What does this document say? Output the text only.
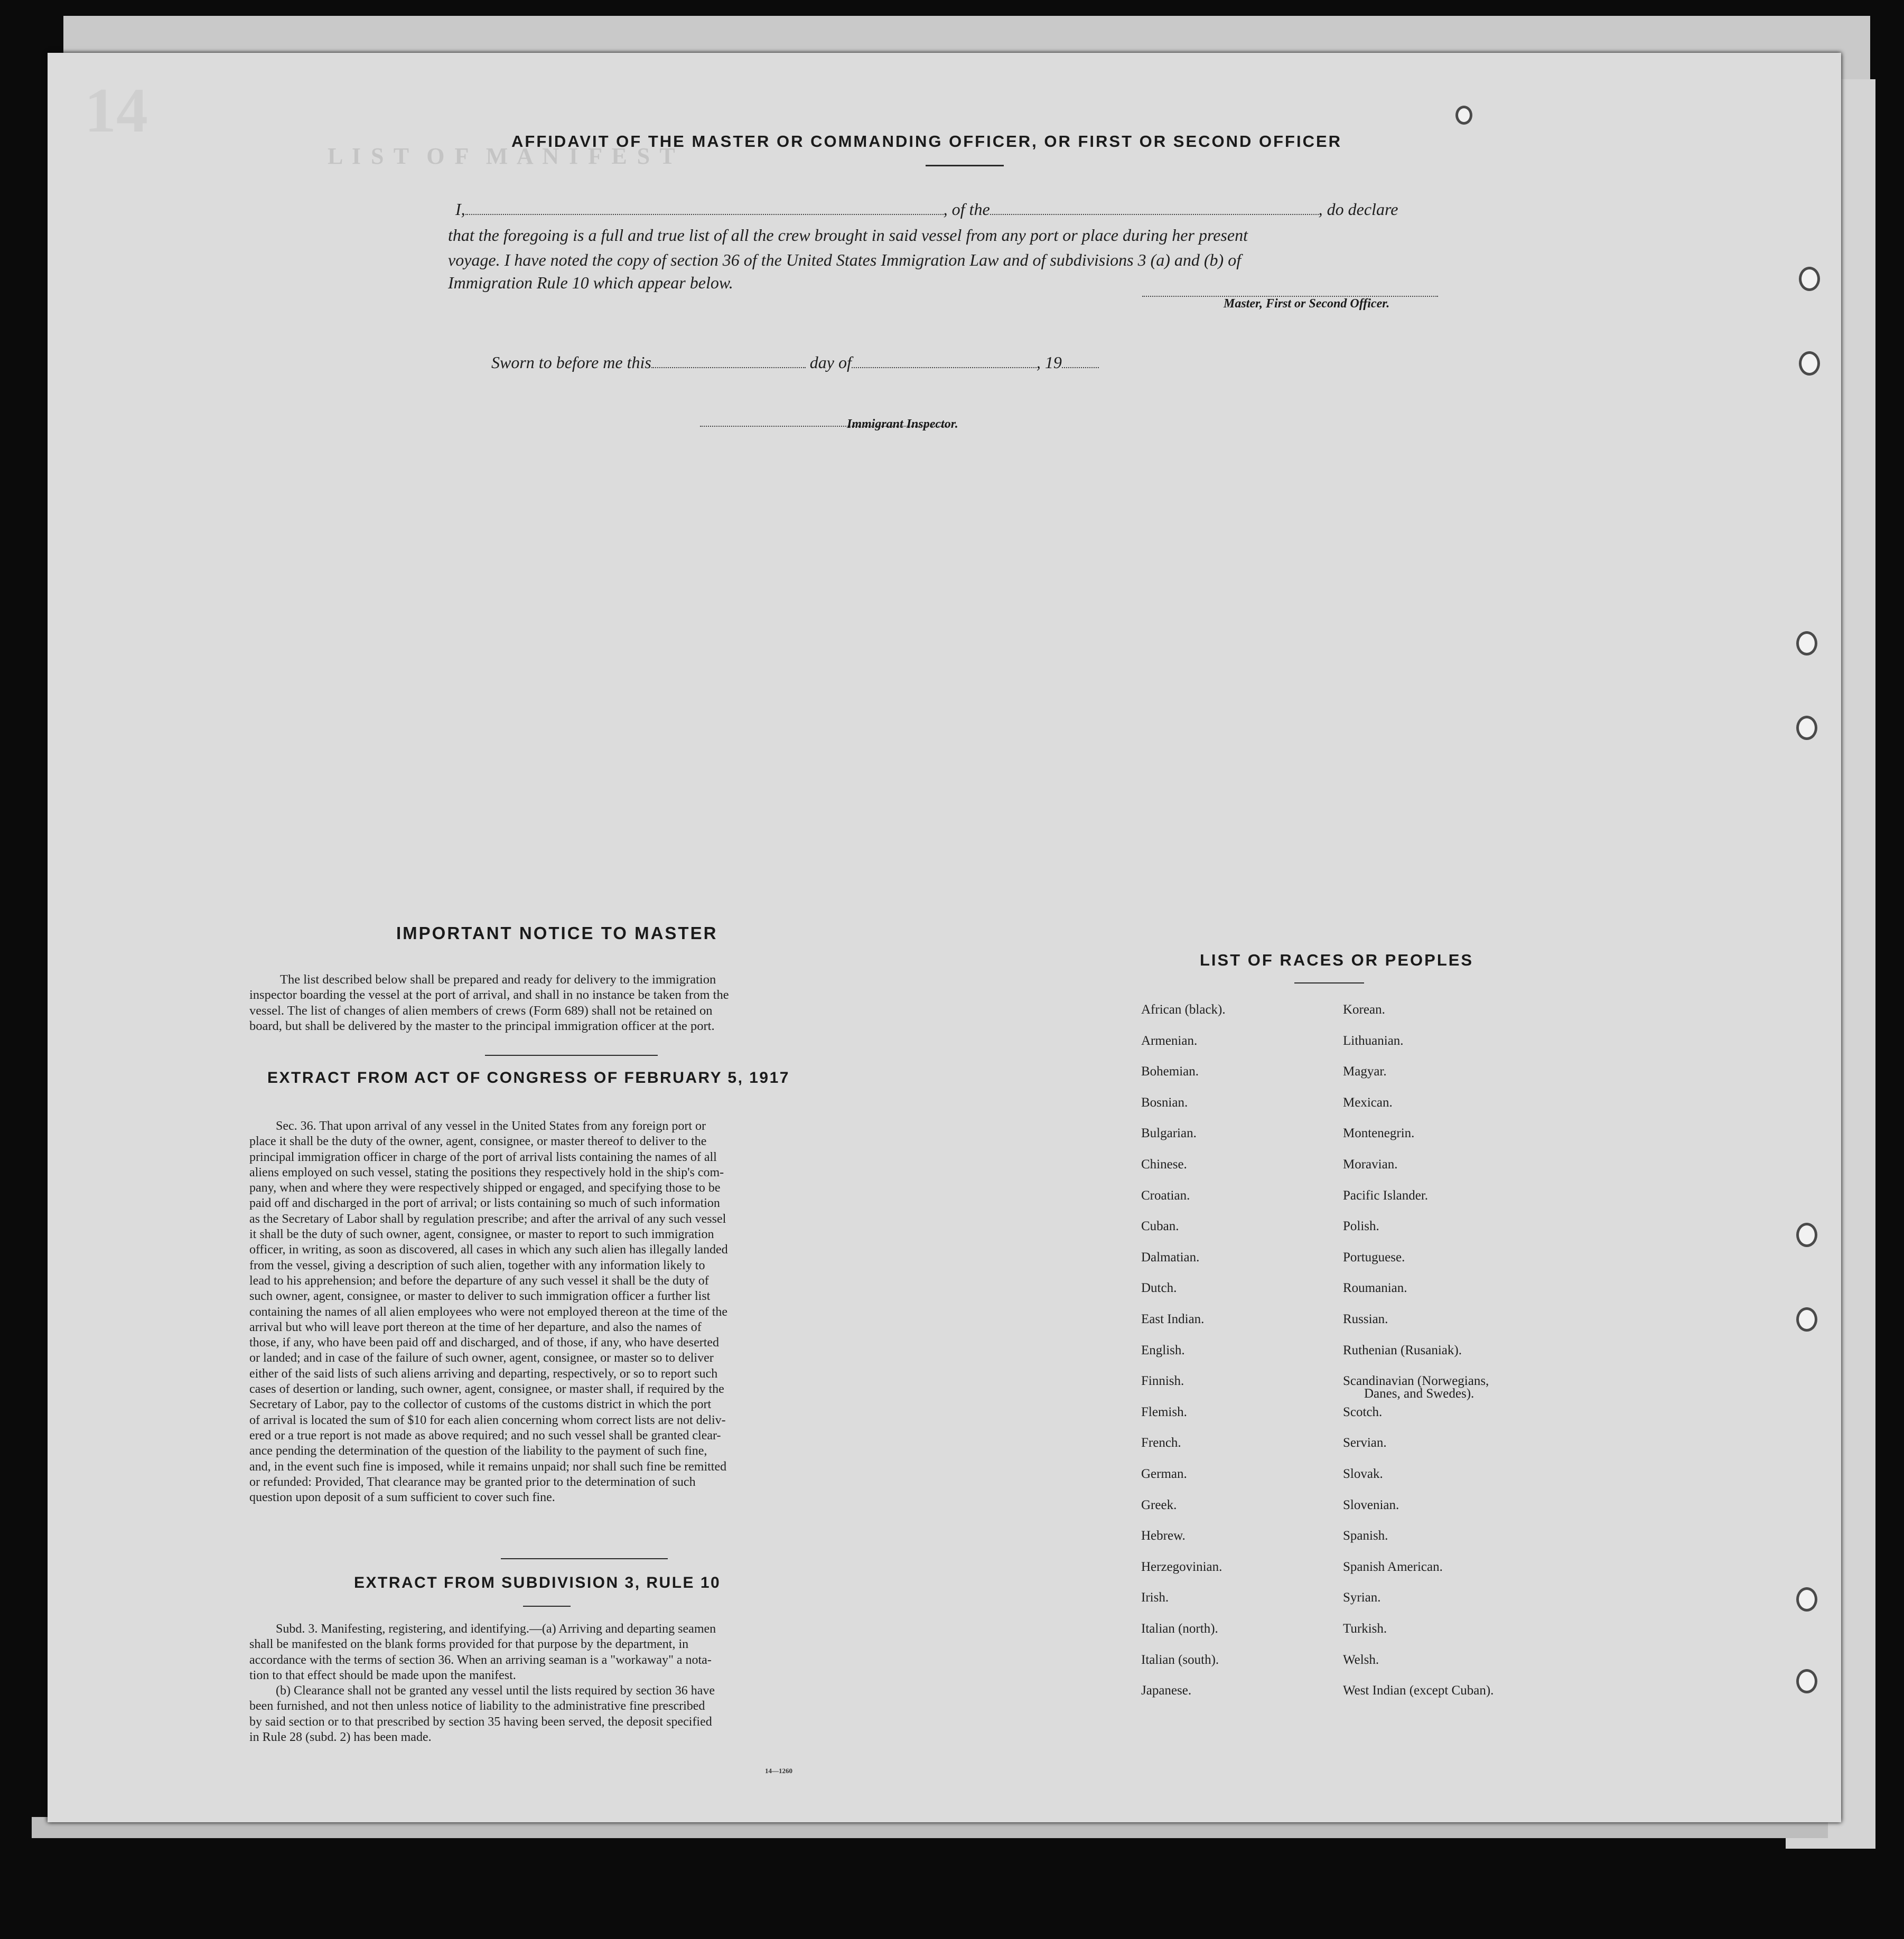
L I S T  O F  M A N I F E S T
14	AFFIDAVIT OF THE MASTER OR COMMANDING OFFICER, OR FIRST OR SECOND OFFICER
I,	, of the	, do declare
that the foregoing is a full and true list of all the crew brought in said vessel from any port or place during her present
voyage. I have noted the copy of section 36 of the United States Immigration Law and of subdivisions 3 (a) and (b) of
Immigration Rule 10 which appear below.
Master, First or Second Officer.
Sworn to before me this	day of	, 19
Immigrant Inspector.
IMPORTANT NOTICE TO MASTER

The list described below shall be prepared and ready for delivery to the immigration

inspector boarding the vessel at the port of arrival, and shall in no instance be taken from the

vessel. The list of changes of alien members of crews (Form 689) shall not be retained on

board, but shall be delivered by the master to the principal immigration officer at the port.

EXTRACT FROM ACT OF CONGRESS OF FEBRUARY 5, 1917

Sec. 36. That upon arrival of any vessel in the United States from any foreign port or

place it shall be the duty of the owner, agent, consignee, or master thereof to deliver to the

principal immigration officer in charge of the port of arrival lists containing the names of all

aliens employed on such vessel, stating the positions they respectively hold in the ship's com-

pany, when and where they were respectively shipped or engaged, and specifying those to be

paid off and discharged in the port of arrival; or lists containing so much of such information

as the Secretary of Labor shall by regulation prescribe; and after the arrival of any such vessel

it shall be the duty of such owner, agent, consignee, or master to report to such immigration

officer, in writing, as soon as discovered, all cases in which any such alien has illegally landed

from the vessel, giving a description of such alien, together with any information likely to

lead to his apprehension; and before the departure of any such vessel it shall be the duty of

such owner, agent, consignee, or master to deliver to such immigration officer a further list

containing the names of all alien employees who were not employed thereon at the time of the

arrival but who will leave port thereon at the time of her departure, and also the names of

those, if any, who have been paid off and discharged, and of those, if any, who have deserted

or landed; and in case of the failure of such owner, agent, consignee, or master so to deliver

either of the said lists of such aliens arriving and departing, respectively, or so to report such

cases of desertion or landing, such owner, agent, consignee, or master shall, if required by the

Secretary of Labor, pay to the collector of customs of the customs district in which the port

of arrival is located the sum of $10 for each alien concerning whom correct lists are not deliv-

ered or a true report is not made as above required; and no such vessel shall be granted clear-

ance pending the determination of the question of the liability to the payment of such fine,

and, in the event such fine is imposed, while it remains unpaid; nor shall such fine be remitted

or refunded: Provided, That clearance may be granted prior to the determination of such

question upon deposit of a sum sufficient to cover such fine.

EXTRACT FROM SUBDIVISION 3, RULE 10

Subd. 3. Manifesting, registering, and identifying.—(a) Arriving and departing seamen

shall be manifested on the blank forms provided for that purpose by the department, in

accordance with the terms of section 36. When an arriving seaman is a "workaway" a nota-

tion to that effect should be made upon the manifest.

(b) Clearance shall not be granted any vessel until the lists required by section 36 have

been furnished, and not then unless notice of liability to the administrative fine prescribed

by said section or to that prescribed by section 35 having been served, the deposit specified

in Rule 28 (subd. 2) has been made.

14—1260
LIST OF RACES OR PEOPLES
African (black).
Armenian.
Bohemian.
Bosnian.
Bulgarian.
Chinese.
Croatian.
Cuban.
Dalmatian.
Dutch.
East Indian.
English.
Finnish.
Flemish.
French.
German.
Greek.
Hebrew.
Herzegovinian.
Irish.
Italian (north).
Italian (south).
Japanese.
Korean.
Lithuanian.
Magyar.
Mexican.
Montenegrin.
Moravian.
Pacific Islander.
Polish.
Portuguese.
Roumanian.
Russian.
Ruthenian (Rusaniak).
Scandinavian (Norwegians,
Danes, and Swedes).
Scotch.
Servian.
Slovak.
Slovenian.
Spanish.
Spanish American.
Syrian.
Turkish.
Welsh.
West Indian (except Cuban).
